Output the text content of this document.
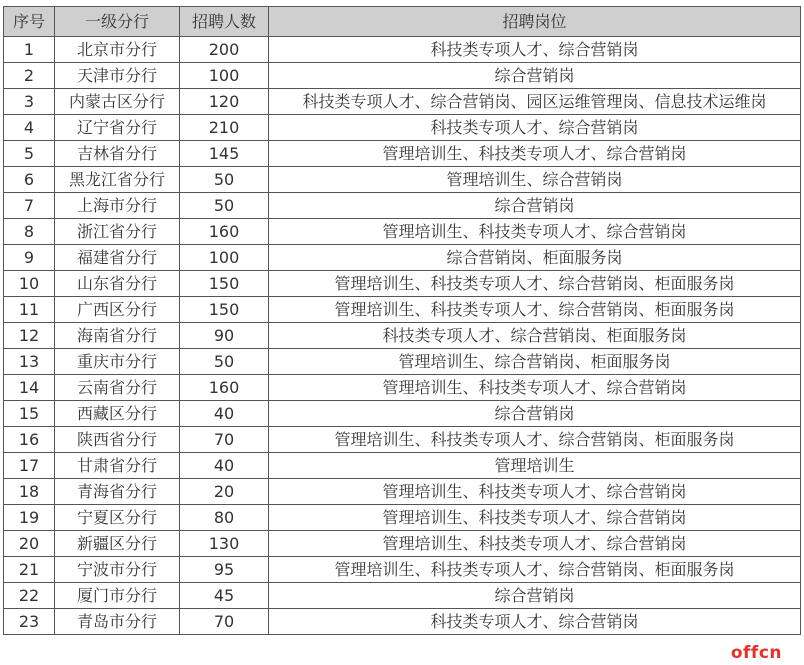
序号	一级分行	招聘人数	招聘岗位
1	北京市分行	200	科技类专项人才、综合营销岗
2	天津市分行	100	综合营销岗
3	内蒙古区分行	120	科技类专项人才、综合营销岗、园区运维管理岗、信息技术运维岗
4	辽宁省分行	210	科技类专项人才、综合营销岗
5	吉林省分行	145	管理培训生、科技类专项人才、综合营销岗
6	黑龙江省分行	50	管理培训生、综合营销岗
7	上海市分行	50	综合营销岗
8	浙江省分行	160	管理培训生、科技类专项人才、综合营销岗
9	福建省分行	100	综合营销岗、柜面服务岗
10	山东省分行	150	管理培训生、科技类专项人才、综合营销岗、柜面服务岗
11	广西区分行	150	管理培训生、科技类专项人才、综合营销岗、柜面服务岗
12	海南省分行	90	科技类专项人才、综合营销岗、柜面服务岗
13	重庆市分行	50	管理培训生、综合营销岗、柜面服务岗
14	云南省分行	160	管理培训生、科技类专项人才、综合营销岗
15	西藏区分行	40	综合营销岗
16	陕西省分行	70	管理培训生、科技类专项人才、综合营销岗、柜面服务岗
17	甘肃省分行	40	管理培训生
18	青海省分行	20	管理培训生、科技类专项人才、综合营销岗
19	宁夏区分行	80	管理培训生、科技类专项人才、综合营销岗
20	新疆区分行	130	管理培训生、科技类专项人才、综合营销岗
21	宁波市分行	95	管理培训生、科技类专项人才、综合营销岗、柜面服务岗
22	厦门市分行	45	综合营销岗
23	青岛市分行	70	科技类专项人才、综合营销岗
offcn
